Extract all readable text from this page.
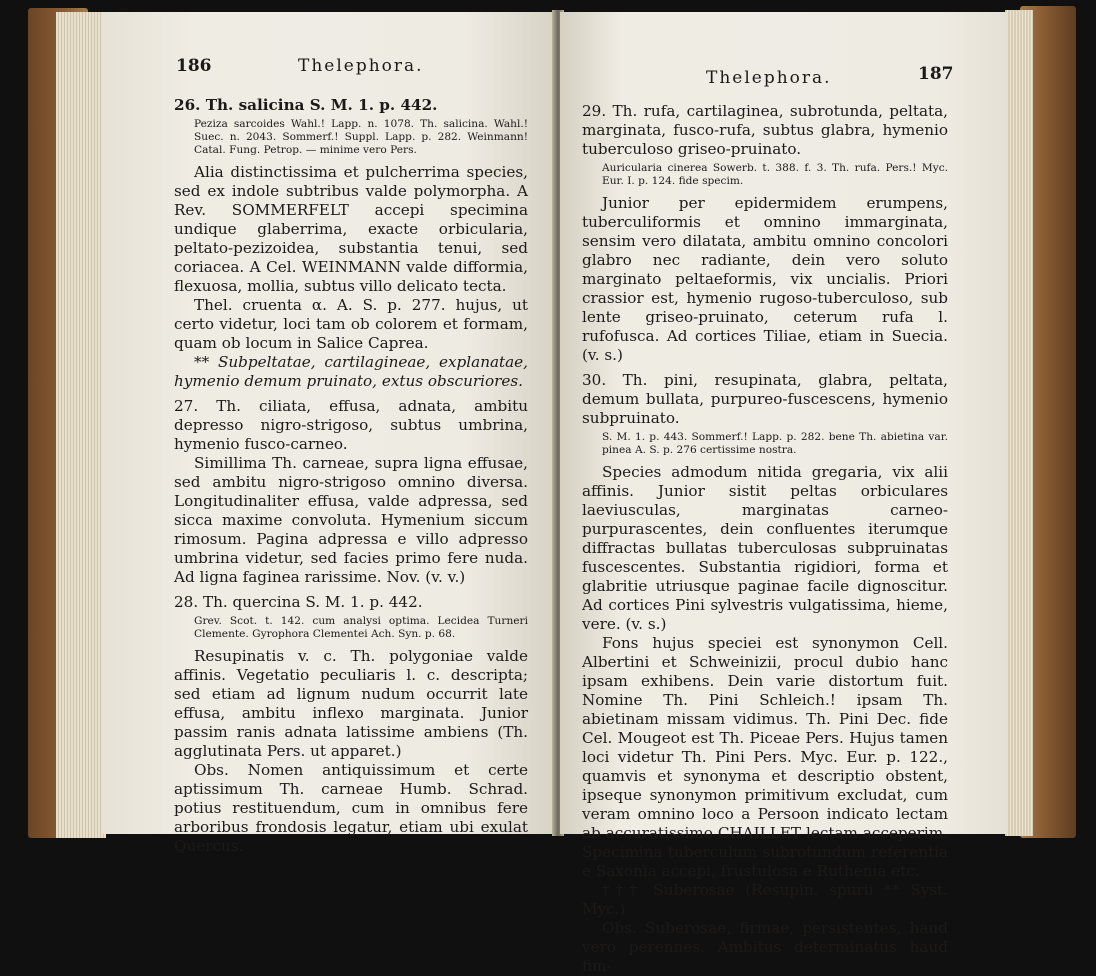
186	Thelephora.

26. Th. salicina S. M. 1. p. 442.

Peziza sarcoides Wahl.! Lapp. n. 1078. Th. salicina. Wahl.! Suec. n. 2043. Sommerf.! Suppl. Lapp. p. 282. Weinmann! Catal. Fung. Petrop. — minime vero Pers.

Alia distinctissima et pulcherrima species, sed ex indole subtribus valde polymorpha. A Rev. SOMMERFELT accepi specimina undique glaberrima, exacte orbicularia, peltato-pezizoidea, substantia tenui, sed coriacea. A Cel. WEINMANN valde difformia, flexuosa, mollia, subtus villo delicato tecta.

Thel. cruenta α. A. S. p. 277. hujus, ut certo videtur, loci tam ob colorem et formam, quam ob locum in Salice Caprea.

** Subpeltatae, cartilagineae, explanatae, hymenio demum pruinato, extus obscuriores.

27. Th. ciliata, effusa, adnata, ambitu depresso nigro-strigoso, subtus umbrina, hymenio fusco-carneo.

Simillima Th. carneae, supra ligna effusae, sed ambitu nigro-strigoso omnino diversa. Longitudinaliter effusa, valde adpressa, sed sicca maxime convoluta. Hymenium siccum rimosum. Pagina adpressa e villo adpresso umbrina videtur, sed facies primo fere nuda. Ad ligna faginea rarissime. Nov. (v. v.)

28. Th. quercina S. M. 1. p. 442.

Grev. Scot. t. 142. cum analysi optima. Lecidea Turneri Clemente. Gyrophora Clementei Ach. Syn. p. 68.

Resupinatis v. c. Th. polygoniae valde affinis. Vegetatio peculiaris l. c. descripta; sed etiam ad lignum nudum occurrit late effusa, ambitu inflexo marginata. Junior passim ranis adnata latissime ambiens (Th. agglutinata Pers. ut apparet.)

Obs. Nomen antiquissimum et certe aptissimum Th. carneae Humb. Schrad. potius restituendum, cum in omnibus fere arboribus frondosis legatur, etiam ubi exulat Quercus.

Thelephora.	187

29. Th. rufa, cartilaginea, subrotunda, peltata, marginata, fusco-rufa, subtus glabra, hymenio tuberculoso griseo-pruinato.

Auricularia cinerea Sowerb. t. 388. f. 3. Th. rufa. Pers.! Myc. Eur. I. p. 124. fide specim.

Junior per epidermidem erumpens, tuberculiformis et omnino immarginata, sensim vero dilatata, ambitu omnino concolori glabro nec radiante, dein vero soluto marginato peltaeformis, vix uncialis. Priori crassior est, hymenio rugoso-tuberculoso, sub lente griseo-pruinato, ceterum rufa l. rufofusca. Ad cortices Tiliae, etiam in Suecia. (v. s.)

30. Th. pini, resupinata, glabra, peltata, demum bullata, purpureo-fuscescens, hymenio subpruinato.

S. M. 1. p. 443. Sommerf.! Lapp. p. 282. bene Th. abietina var. pinea A. S. p. 276 certissime nostra.

Species admodum nitida gregaria, vix alii affinis. Junior sistit peltas orbiculares laeviusculas, marginatas carneo-purpurascentes, dein confluentes iterumque diffractas bullatas tuberculosas subpruinatas fuscescentes. Substantia rigidiori, forma et glabritie utriusque paginae facile dignoscitur. Ad cortices Pini sylvestris vulgatissima, hieme, vere. (v. s.)

Fons hujus speciei est synonymon Cell. Albertini et Schweinizii, procul dubio hanc ipsam exhibens. Dein varie distortum fuit. Nomine Th. Pini Schleich.! ipsam Th. abietinam missam vidimus. Th. Pini Dec. fide Cel. Mougeot est Th. Piceae Pers. Hujus tamen loci videtur Th. Pini Pers. Myc. Eur. p. 122., quamvis et synonyma et descriptio obstent, ipseque synonymon primitivum excludat, cum veram omnino loco a Persoon indicato lectam ab accuratissimo CHAILLET lectam acceperim. Specimina tuberculum subrotundum referentia e Saxonia accepi, frustulosa e Ruthenia etc.

††† Suberosae (Resupin. spurii ** Syst. Myc.)

Obs. Suberosae, firmae, persistentes, haud vero perennes. Ambitus determinatus haud fim-
